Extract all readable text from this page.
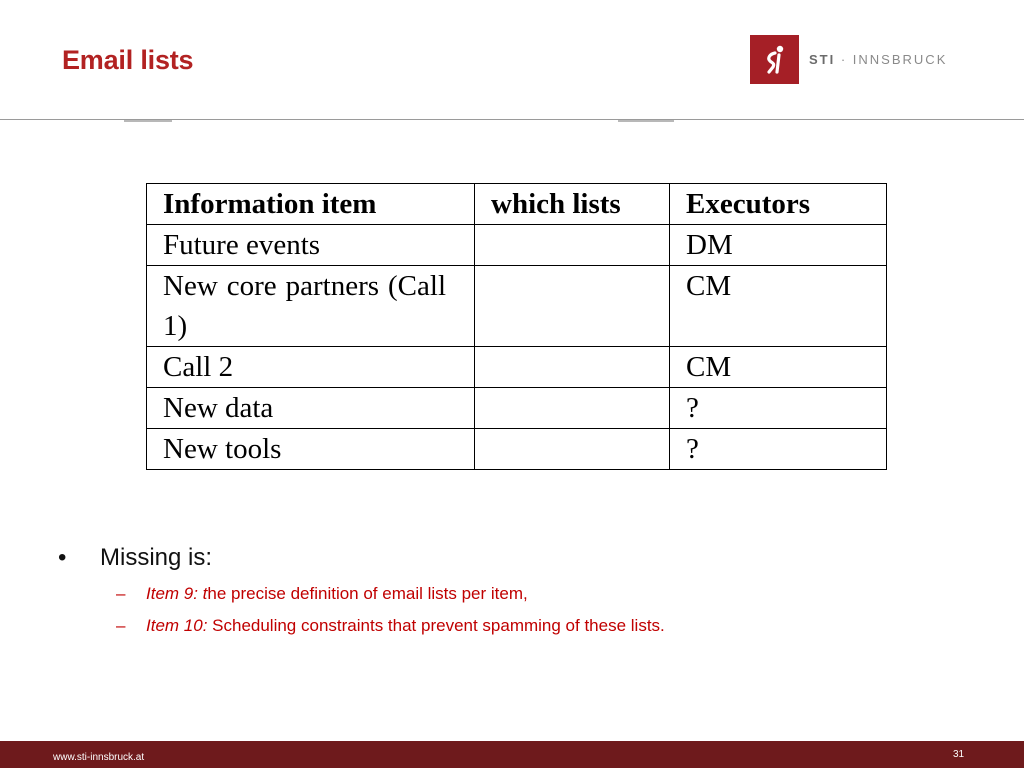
Email lists	STI · INNSBRUCK
Information item	which lists	Executors
Future events		DM

New core partners (Call 1)		CM
Call 2		CM
New data		?
New tools		?
•	Missing is:
–	Item 9: the precise definition of email lists per item,
–	Item 10: Scheduling constraints that prevent spamming of these lists.
www.sti-innsbruck.at	31
